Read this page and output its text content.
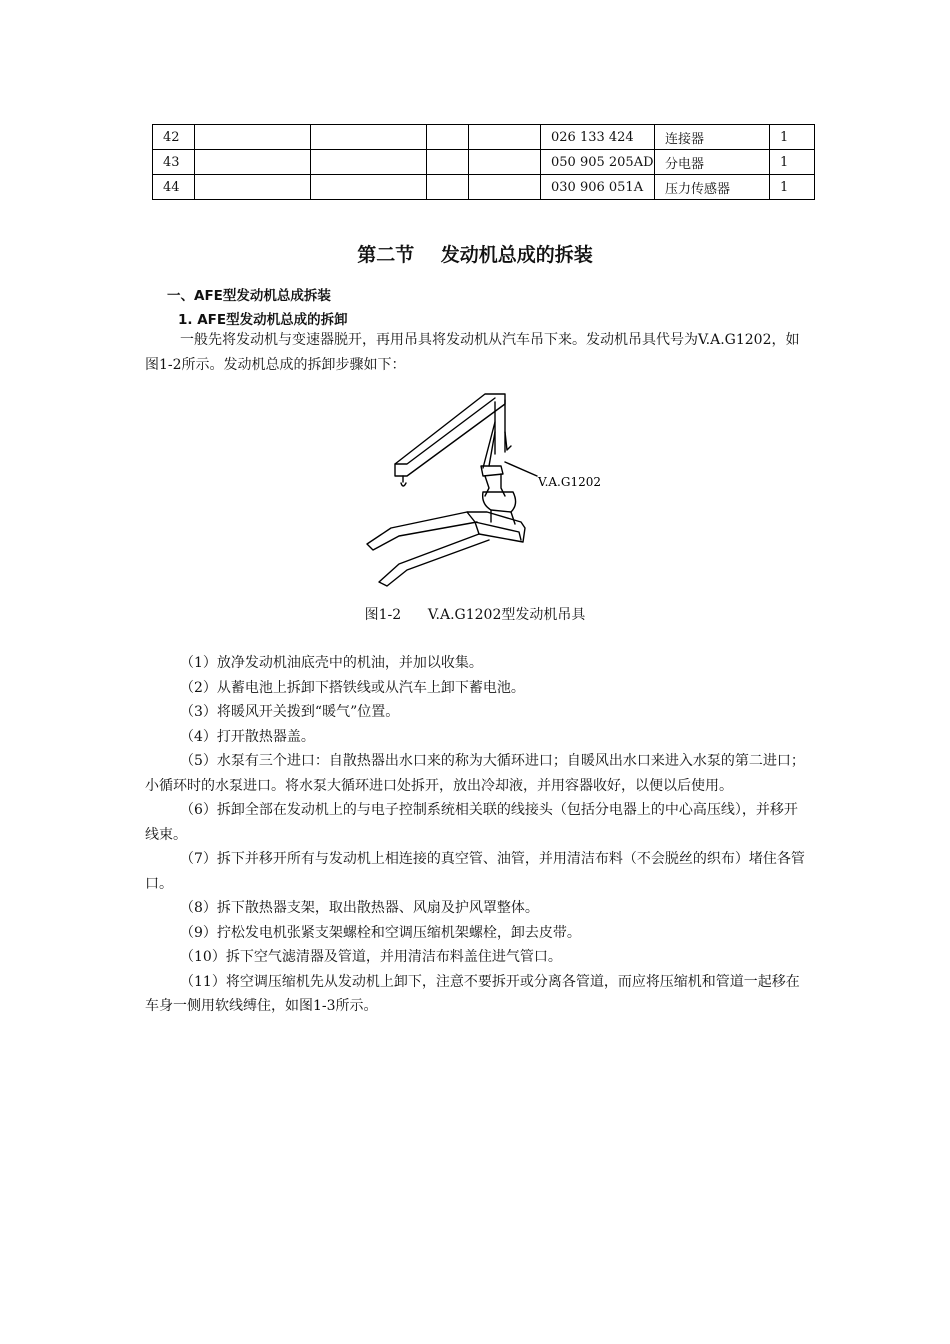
42					026 133 424	连接器	1
43					050 905 205AD	分电器	1
44					030 906 051A	压力传感器	1
第二节    发动机总成的拆装
一、AFE型发动机总成拆装
1. AFE型发动机总成的拆卸

一般先将发动机与变速器脱开，再用吊具将发动机从汽车吊下来。发动机吊具代号为V.A.G1202，如图1-2所示。发动机总成的拆卸步骤如下：

V.A.G1202

图1-2      V.A.G1202型发动机吊具

（1）放净发动机油底壳中的机油，并加以收集。

（2）从蓄电池上拆卸下搭铁线或从汽车上卸下蓄电池。

（3）将暖风开关拨到“暖气”位置。

（4）打开散热器盖。

（5）水泵有三个进口：自散热器出水口来的称为大循环进口；自暖风出水口来进入水泵的第二进口；小循环时的水泵进口。将水泵大循环进口处拆开，放出冷却液，并用容器收好，以便以后使用。

（6）拆卸全部在发动机上的与电子控制系统相关联的线接头（包括分电器上的中心高压线），并移开线束。

（7）拆下并移开所有与发动机上相连接的真空管、油管，并用清洁布料（不会脱丝的织布）堵住各管口。

（8）拆下散热器支架，取出散热器、风扇及护风罩整体。

（9）拧松发电机张紧支架螺栓和空调压缩机架螺栓，卸去皮带。

（10）拆下空气滤清器及管道，并用清洁布料盖住进气管口。

（11）将空调压缩机先从发动机上卸下，注意不要拆开或分离各管道，而应将压缩机和管道一起移在车身一侧用软线缚住，如图1-3所示。
